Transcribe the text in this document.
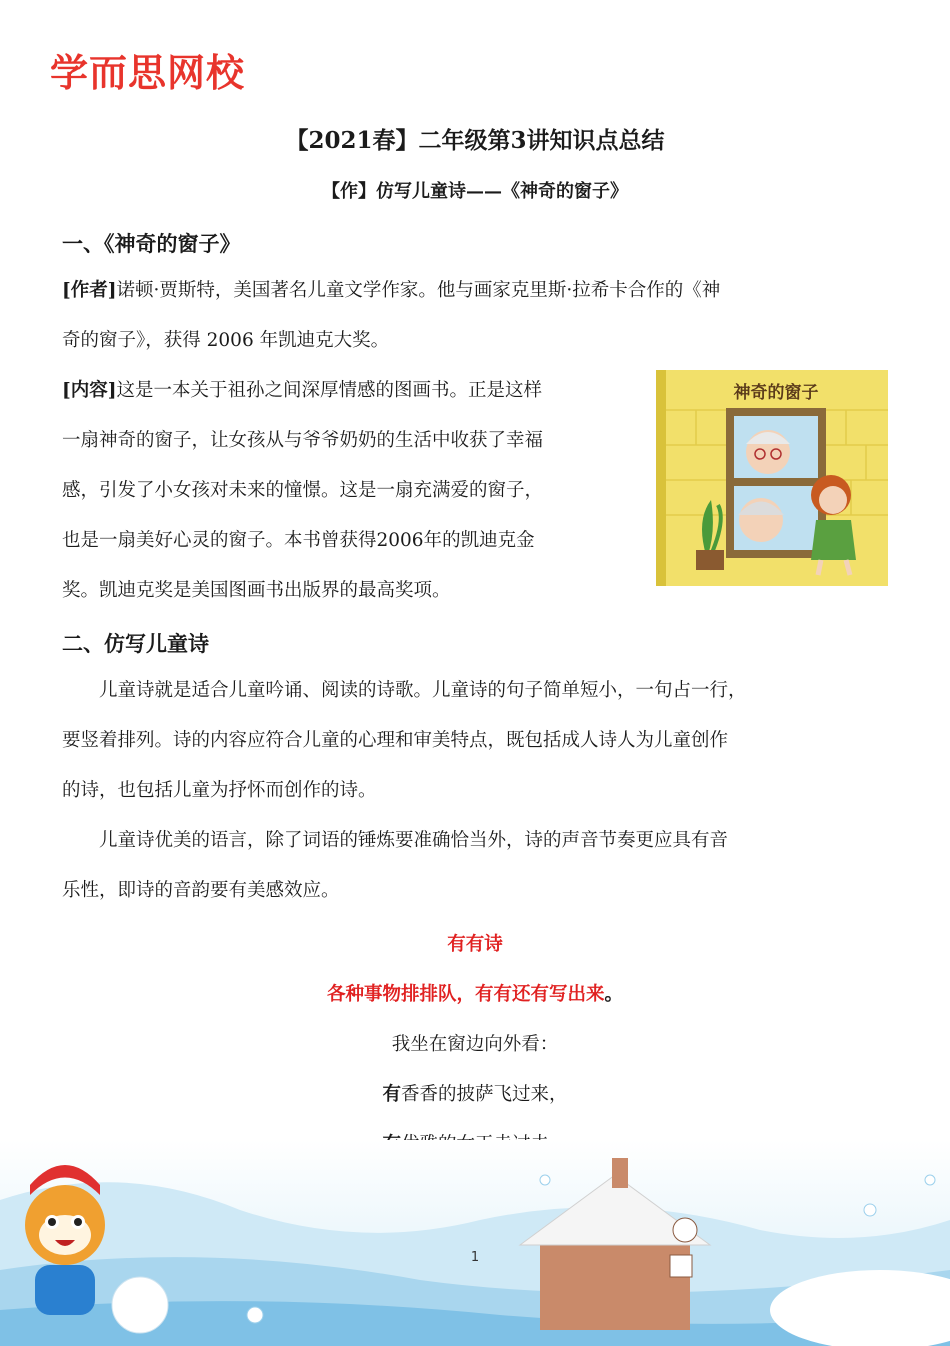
学而思网校
【2021春】二年级第3讲知识点总结
【作】仿写儿童诗——《神奇的窗子》
一、《神奇的窗子》
[作者]诺顿·贾斯特，美国著名儿童文学作家。他与画家克里斯·拉希卡合作的《神
奇的窗子》，获得 2006 年凯迪克大奖。
[内容]这是一本关于祖孙之间深厚情感的图画书。正是这样
一扇神奇的窗子，让女孩从与爷爷奶奶的生活中收获了幸福
感，引发了小女孩对未来的憧憬。这是一扇充满爱的窗子，
也是一扇美好心灵的窗子。本书曾获得2006年的凯迪克金
奖。凯迪克奖是美国图画书出版界的最高奖项。
神奇的窗子
二、仿写儿童诗
儿童诗就是适合儿童吟诵、阅读的诗歌。儿童诗的句子简单短小，一句占一行，
要竖着排列。诗的内容应符合儿童的心理和审美特点，既包括成人诗人为儿童创作
的诗，也包括儿童为抒怀而创作的诗。
儿童诗优美的语言，除了词语的锤炼要准确恰当外，诗的声音节奏更应具有音
乐性，即诗的音韵要有美感效应。
有有诗
各种事物排排队，有有还有写出来。
我坐在窗边向外看：
有香香的披萨飞过来，
1
